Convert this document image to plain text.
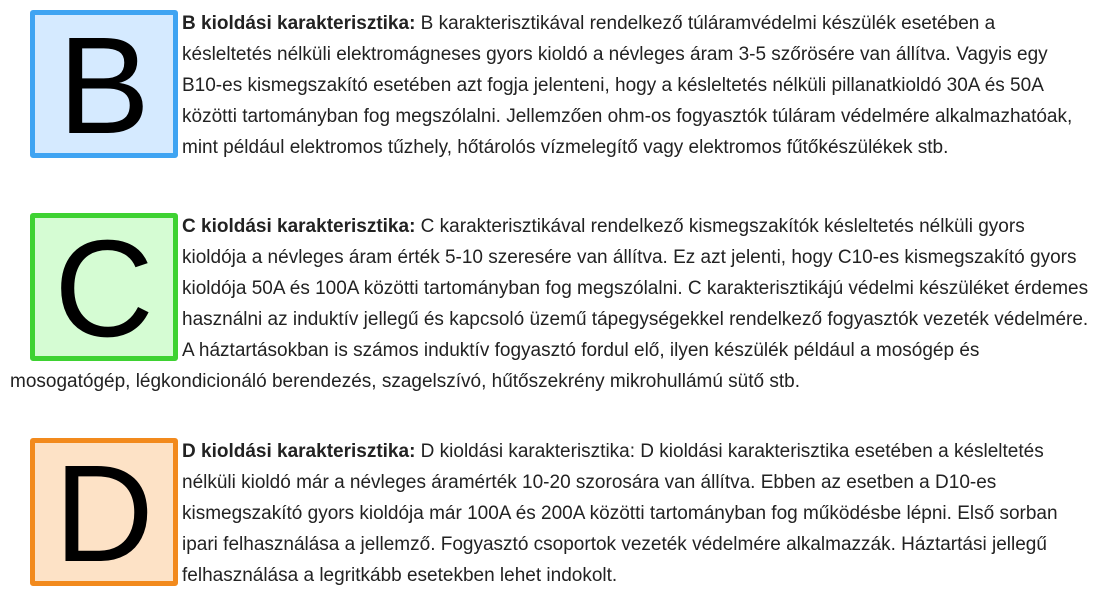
B	B kioldási karakterisztika: B karakterisztikával rendelkező túláramvédelmi készülék esetében a késleltetés nélküli elektromágneses gyors kioldó a névleges áram 3-5 szőrösére van állítva. Vagyis egy B10-es kismegszakító esetében azt fogja jelenteni, hogy a késleltetés nélküli pillanatkioldó 30A és 50A közötti tartományban fog megszólalni. Jellemzően ohm-os fogyasztók túláram védelmére alkalmazhatóak, mint például elektromos tűzhely, hőtárolós vízmelegítő vagy elektromos fűtőkészülékek stb.

C	C kioldási karakterisztika: C karakterisztikával rendelkező kismegszakítók késleltetés nélküli gyors kioldója a névleges áram érték 5-10 szeresére van állítva. Ez azt jelenti, hogy C10-es kismegszakító gyors kioldója 50A és 100A közötti tartományban fog megszólalni. C karakterisztikájú védelmi készüléket érdemes használni az induktív jellegű és kapcsoló üzemű tápegységekkel rendelkező fogyasztók vezeték védelmére. A háztartásokban is számos induktív fogyasztó fordul elő, ilyen készülék például a mosógép és mosogatógép, légkondicionáló berendezés, szagelszívó, hűtőszekrény mikrohullámú sütő stb.

D	D kioldási karakterisztika: D kioldási karakterisztika: D kioldási karakterisztika esetében a késleltetés nélküli kioldó már a névleges áramérték 10-20 szorosára van állítva. Ebben az esetben a D10-es kismegszakító gyors kioldója már 100A és 200A közötti tartományban fog működésbe lépni. Első sorban ipari felhasználása a jellemző. Fogyasztó csoportok vezeték védelmére alkalmazzák. Háztartási jellegű felhasználása a legritkább esetekben lehet indokolt.
